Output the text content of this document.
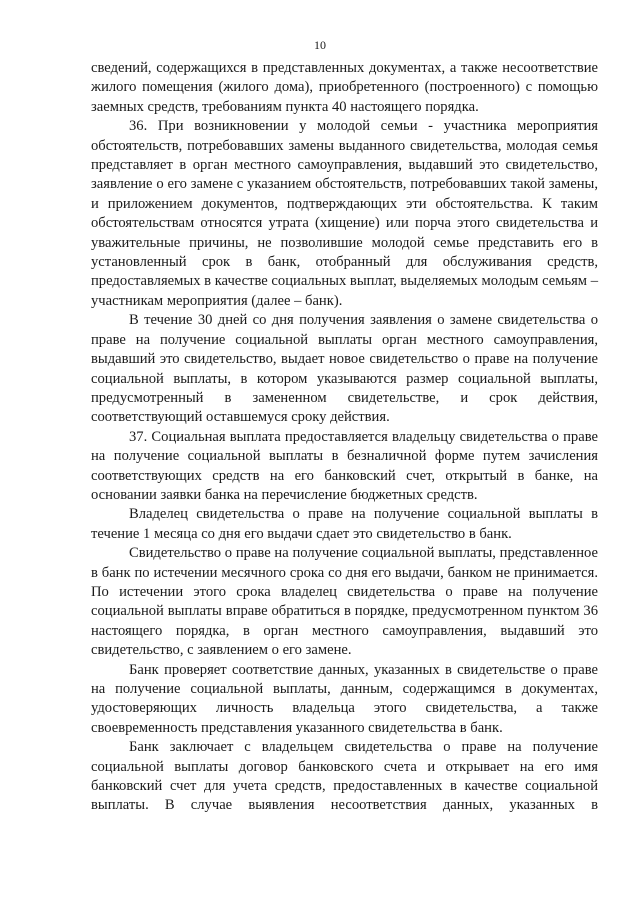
10

сведений, содержащихся в представленных документах, а также несоответствие жилого помещения (жилого дома), приобретенного (построенного) с помощью заемных средств, требованиям пункта 40 настоящего порядка.

36. При возникновении у молодой семьи - участника мероприятия обстоятельств, потребовавших замены выданного свидетельства, молодая семья представляет в орган местного самоуправления, выдавший это свидетельство, заявление о его замене с указанием обстоятельств, потребовавших такой замены, и приложением документов, подтверждающих эти обстоятельства. К таким обстоятельствам относятся утрата (хищение) или порча этого свидетельства и уважительные причины, не позволившие молодой семье представить его в установленный срок в банк, отобранный для обслуживания средств, предоставляемых в качестве социальных выплат, выделяемых молодым семьям – участникам мероприятия (далее – банк).

В течение 30 дней со дня получения заявления о замене свидетельства о праве на получение социальной выплаты орган местного самоуправления, выдавший это свидетельство, выдает новое свидетельство о праве на получение социальной выплаты, в котором указываются размер социальной выплаты, предусмотренный в замененном свидетельстве, и срок действия, соответствующий оставшемуся сроку действия.

37. Социальная выплата предоставляется владельцу свидетельства о праве на получение социальной выплаты в безналичной форме путем зачисления соответствующих средств на его банковский счет, открытый в банке, на основании заявки банка на перечисление бюджетных средств.

Владелец свидетельства о праве на получение социальной выплаты в течение 1 месяца со дня его выдачи сдает это свидетельство в банк.

Свидетельство о праве на получение социальной выплаты, представленное в банк по истечении месячного срока со дня его выдачи, банком не принимается. По истечении этого срока владелец свидетельства о праве на получение социальной выплаты вправе обратиться в порядке, предусмотренном пунктом 36 настоящего порядка, в орган местного самоуправления, выдавший это свидетельство, с заявлением о его замене.

Банк проверяет соответствие данных, указанных в свидетельстве о праве на получение социальной выплаты, данным, содержащимся в документах, удостоверяющих личность владельца этого свидетельства, а также своевременность представления указанного свидетельства в банк.

Банк заключает с владельцем свидетельства о праве на получение социальной выплаты договор банковского счета и открывает на его имя банковский счет для учета средств, предоставленных в качестве социальной выплаты. В случае выявления несоответствия данных, указанных в
